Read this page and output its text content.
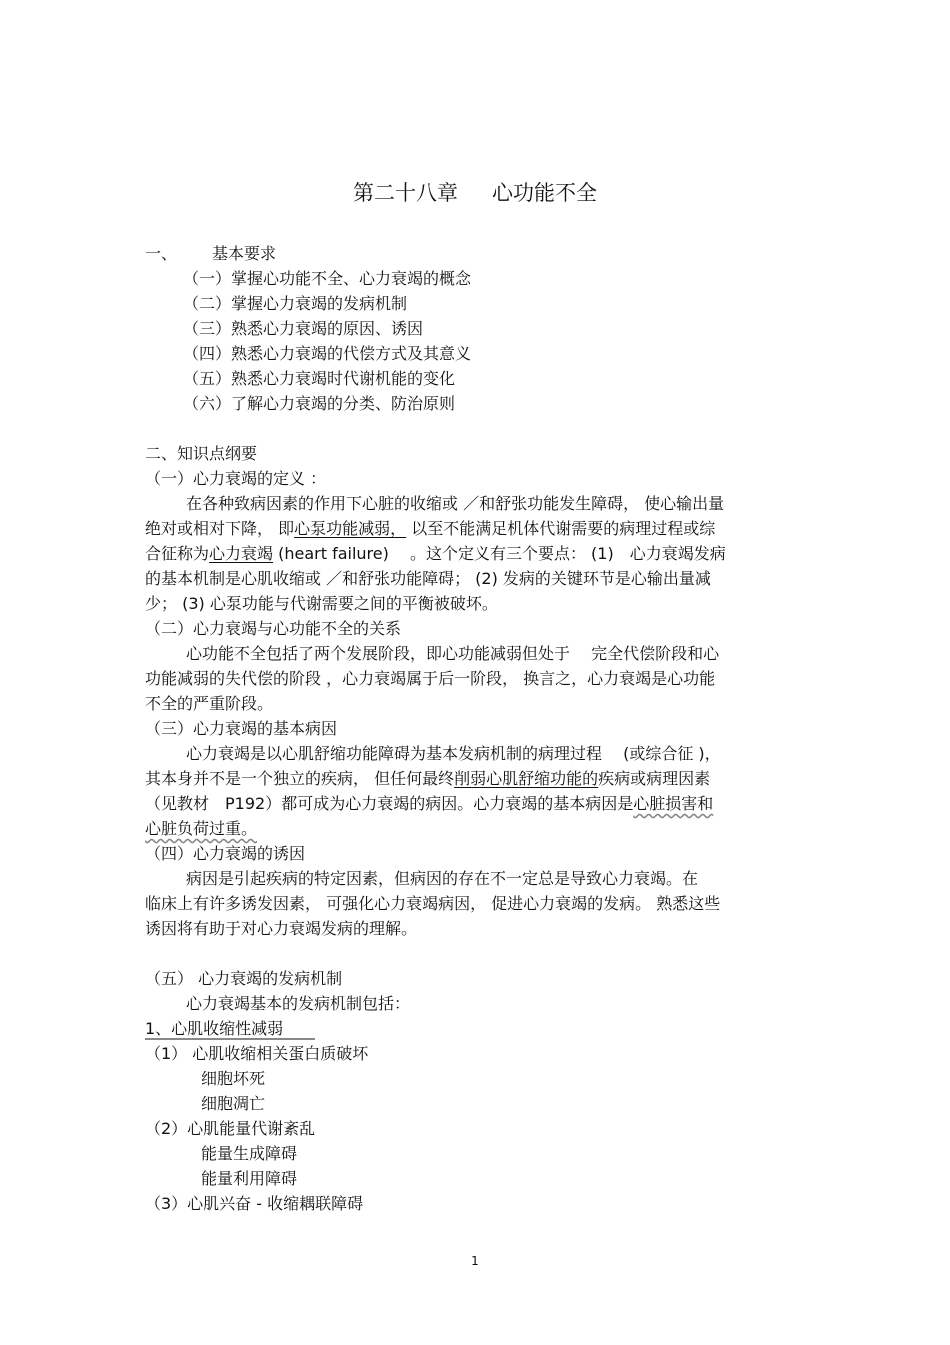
第二十八章 心功能不全
一、 基本要求
（一）掌握心功能不全、心力衰竭的概念
（二）掌握心力衰竭的发病机制
（三）熟悉心力衰竭的原因、诱因
（四）熟悉心力衰竭的代偿方式及其意义
（五）熟悉心力衰竭时代谢机能的变化
（六）了解心力衰竭的分类、防治原则
二、知识点纲要
（一）心力衰竭的定义 ：
在各种致病因素的作用下心脏的收缩或 ／和舒张功能发生障碍， 使心输出量
绝对或相对下降， 即心泵功能减弱， 以至不能满足机体代谢需要的病理过程或综
合征称为心力衰竭 (heart failure)　 。这个定义有三个要点： (1)　心力衰竭发病
的基本机制是心肌收缩或 ／和舒张功能障碍； (2) 发病的关键环节是心输出量减
少； (3) 心泵功能与代谢需要之间的平衡被破坏。
（二）心力衰竭与心功能不全的关系
心功能不全包括了两个发展阶段，即心功能减弱但处于　 完全代偿阶段和心
功能减弱的失代偿的阶段 ，心力衰竭属于后一阶段， 换言之，心力衰竭是心功能
不全的严重阶段。
（三）心力衰竭的基本病因
心力衰竭是以心肌舒缩功能障碍为基本发病机制的病理过程　 (或综合征 )，
其本身并不是一个独立的疾病， 但任何最终削弱心肌舒缩功能的疾病或病理因素
（见教材　P192）都可成为心力衰竭的病因。心力衰竭的基本病因是心脏损害和
心脏负荷过重。
（四）心力衰竭的诱因
病因是引起疾病的特定因素，但病因的存在不一定总是导致心力衰竭。在
临床上有许多诱发因素， 可强化心力衰竭病因， 促进心力衰竭的发病。 熟悉这些
诱因将有助于对心力衰竭发病的理解。
（五） 心力衰竭的发病机制
心力衰竭基本的发病机制包括：
1、心肌收缩性减弱
（1） 心肌收缩相关蛋白质破坏
细胞坏死
细胞凋亡
（2）心肌能量代谢紊乱
能量生成障碍
能量利用障碍
（3）心肌兴奋 - 收缩耦联障碍
1
